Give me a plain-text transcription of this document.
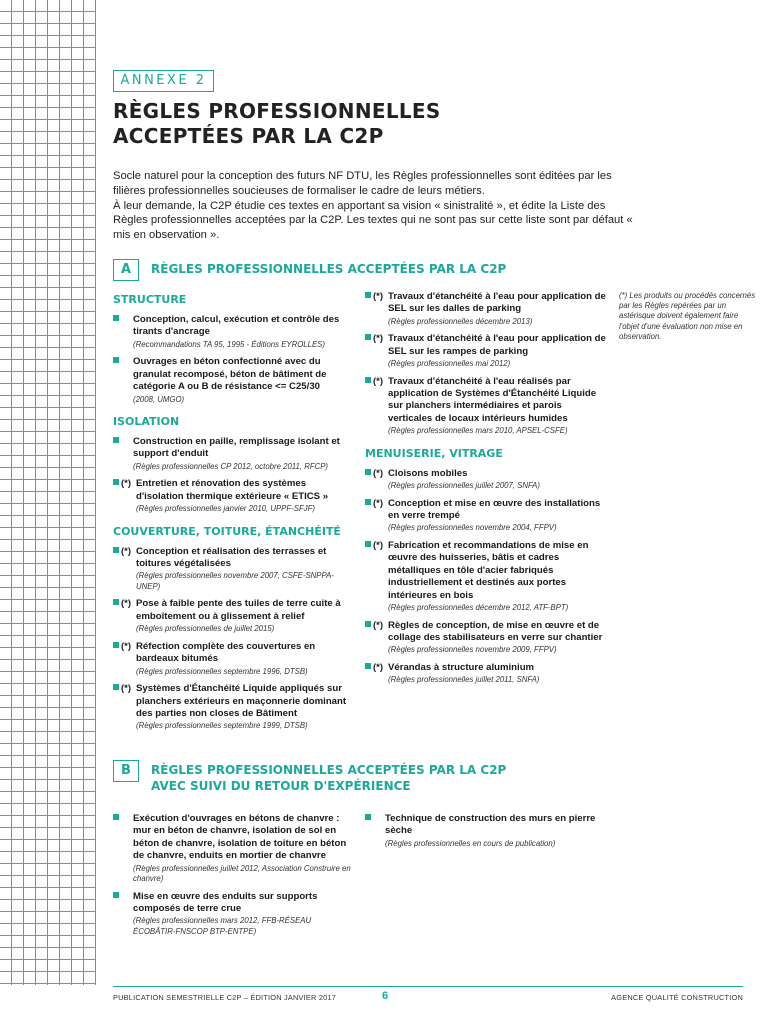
ANNEXE 2
RÈGLES PROFESSIONNELLES
ACCEPTÉES PAR LA C2P

Socle naturel pour la conception des futurs NF DTU, les Règles professionnelles sont éditées par les filières professionnelles soucieuses de formaliser le cadre de leurs métiers.

À leur demande, la C2P étudie ces textes en apportant sa vision « sinistralité », et édite la Liste des Règles professionnelles acceptées par la C2P. Les textes qui ne sont pas sur cette liste sont par défaut « mis en observation ».

A	RÈGLES PROFESSIONNELLES ACCEPTÉES PAR LA C2P
STRUCTURE
Conception, calcul, exécution et contrôle des tirants d'ancrage
(Recommandations TA 95, 1995 - Éditions EYROLLES)
Ouvrages en béton confectionné avec du granulat recomposé, béton de bâtiment de catégorie A ou B de résistance <= C25/30
(2008, UMGO)
ISOLATION
Construction en paille, remplissage isolant et support d'enduit
(Règles professionnelles CP 2012, octobre 2011, RFCP)
(*) Entretien et rénovation des systèmes d'isolation thermique extérieure « ETICS »
(Règles professionnelles janvier 2010, UPPF-SFJF)
COUVERTURE, TOITURE, ÉTANCHÉITÉ
(*) Conception et réalisation des terrasses et toitures végétalisées
(Règles professionnelles novembre 2007, CSFE-SNPPA-UNEP)
(*) Pose à faible pente des tuiles de terre cuite à emboîtement ou à glissement à relief
(Règles professionnelles de juillet 2015)
(*) Réfection complète des couvertures en bardeaux bitumés
(Règles professionnelles septembre 1996, DTSB)
(*) Systèmes d'Étanchéité Liquide appliqués sur planchers extérieurs en maçonnerie dominant des parties non closes de Bâtiment
(Règles professionnelles septembre 1999, DTSB)
(*) Travaux d'étanchéité à l'eau pour application de SEL sur les dalles de parking
(Règles professionnelles décembre 2013)
(*) Travaux d'étanchéité à l'eau pour application de SEL sur les rampes de parking
(Règles professionnelles mai 2012)
(*) Travaux d'étanchéité à l'eau réalisés par application de Systèmes d'Étanchéité Liquide sur planchers intermédiaires et parois verticales de locaux intérieurs humides
(Règles professionnelles mars 2010, APSEL-CSFE)
MENUISERIE, VITRAGE
(*) Cloisons mobiles
(Règles professionnelles juillet 2007, SNFA)
(*) Conception et mise en œuvre des installations en verre trempé
(Règles professionnelles novembre 2004, FFPV)
(*) Fabrication et recommandations de mise en œuvre des huisseries, bâtis et cadres métalliques en tôle d'acier fabriqués industriellement et destinés aux portes intérieures en bois
(Règles professionnelles décembre 2012, ATF-BPT)
(*) Règles de conception, de mise en œuvre et de collage des stabilisateurs en verre sur chantier
(Règles professionnelles novembre 2009, FFPV)
(*) Vérandas à structure aluminium
(Règles professionnelles juillet 2011, SNFA)
(*) Les produits ou procédés concernés par les Règles repérées par un astérisque doivent également faire l'objet d'une évaluation non mise en observation.
B	RÈGLES PROFESSIONNELLES ACCEPTÉES PAR LA C2P
AVEC SUIVI DU RETOUR D'EXPÉRIENCE
Exécution d'ouvrages en bétons de chanvre : mur en béton de chanvre, isolation de sol en béton de chanvre, isolation de toiture en béton de chanvre, enduits en mortier de chanvre
(Règles professionnelles juillet 2012, Association Construire en chanvre)
Mise en œuvre des enduits sur supports composés de terre crue
(Règles professionnelles mars 2012, FFB-RÉSEAU ÉCOBÂTIR-FNSCOP BTP-ENTPE)
Technique de construction des murs en pierre sèche
(Règles professionnelles en cours de publication)
PUBLICATION SEMESTRIELLE C2P – ÉDITION JANVIER 2017	6	AGENCE QUALITÉ CONSTRUCTION
